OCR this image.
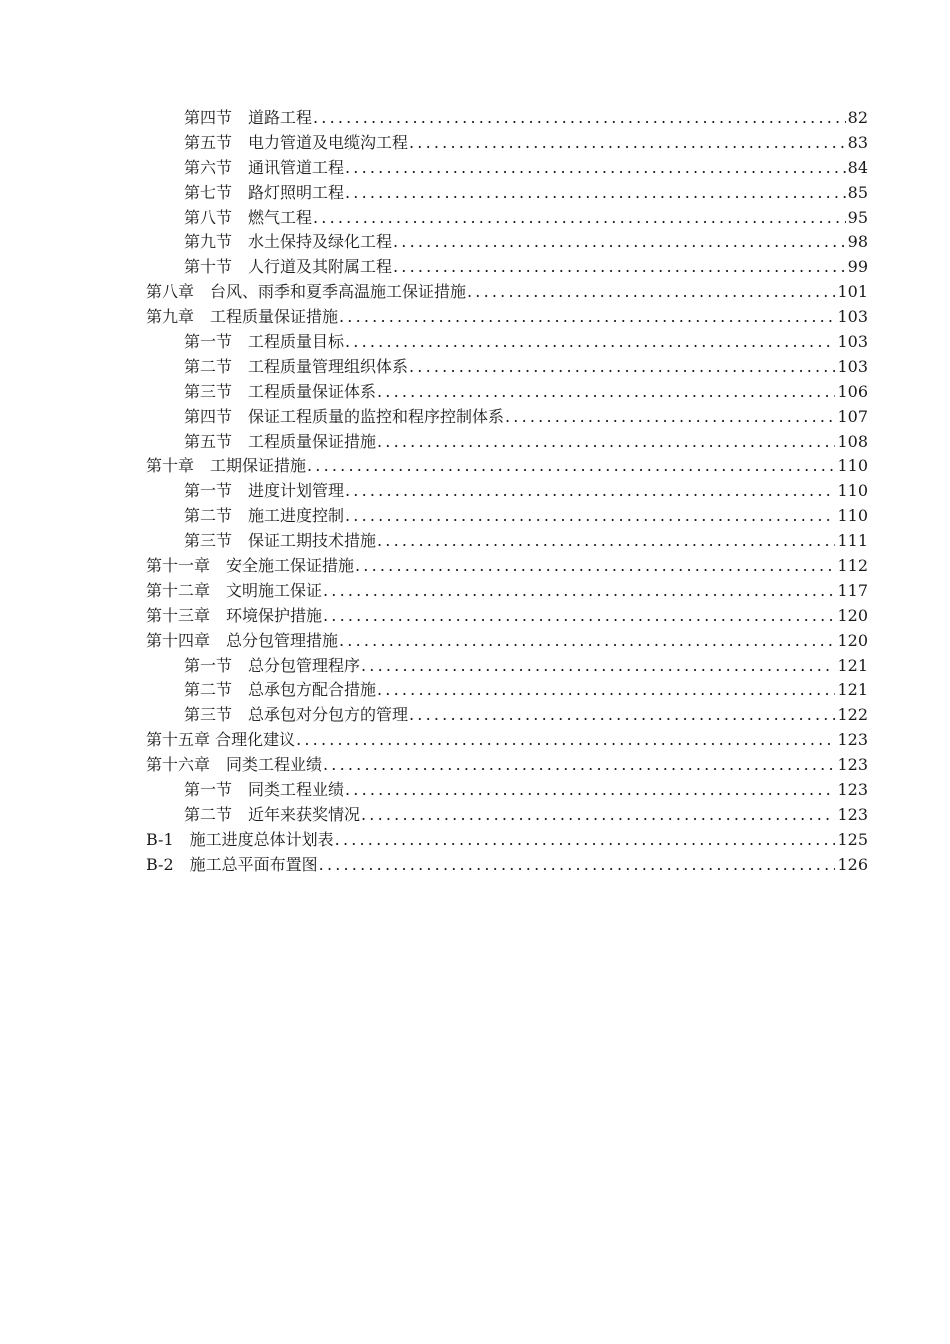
第四节　道路工程 .....	82
第五节　电力管道及电缆沟工程 .....	83
第六节　通讯管道工程 .....	84
第七节　路灯照明工程 .....	85
第八节　燃气工程 .....	95
第九节　水土保持及绿化工程 .....	98
第十节　人行道及其附属工程 .....	99
第八章　台风、雨季和夏季高温施工保证措施 .....	101
第九章　工程质量保证措施 .....	103
第一节　工程质量目标 .....	103
第二节　工程质量管理组织体系 .....	103
第三节　工程质量保证体系 .....	106
第四节　保证工程质量的监控和程序控制体系 .....	107
第五节　工程质量保证措施 .....	108
第十章　工期保证措施 .....	110
第一节　进度计划管理 .....	110
第二节　施工进度控制 .....	110
第三节　保证工期技术措施 .....	111
第十一章　安全施工保证措施 .....	112
第十二章　文明施工保证 .....	117
第十三章　环境保护措施 .....	120
第十四章　总分包管理措施 .....	120
第一节　总分包管理程序 .....	121
第二节　总承包方配合措施 .....	121
第三节　总承包对分包方的管理 .....	122
第十五章 合理化建议 .....	123
第十六章　同类工程业绩 .....	123
第一节　同类工程业绩 .....	123
第二节　近年来获奖情况 .....	123
B-1　施工进度总体计划表 .....	125
B-2　施工总平面布置图 .....	126
